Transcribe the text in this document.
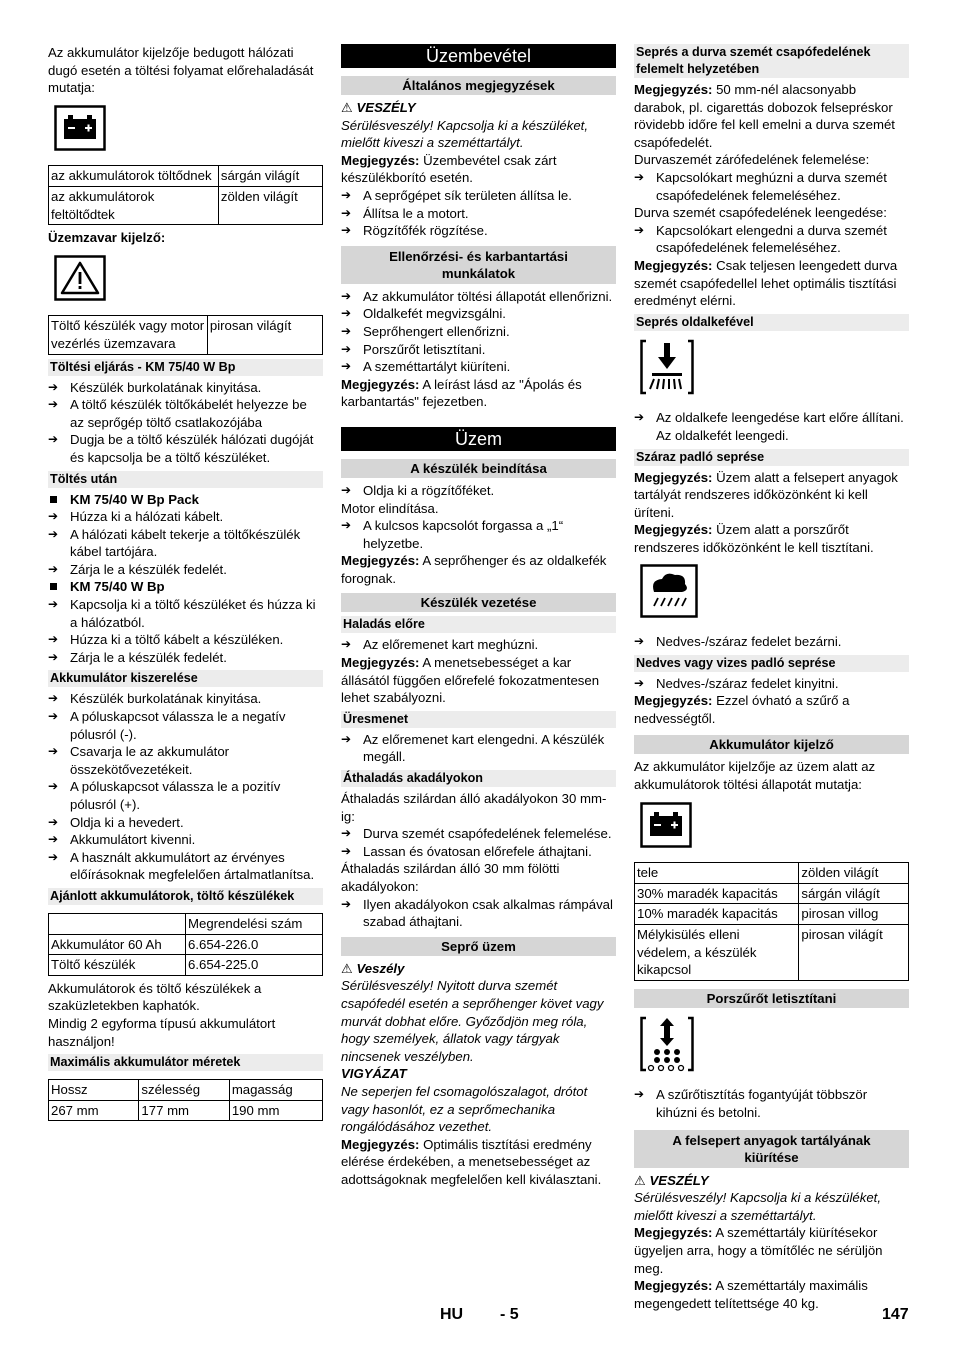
Az akkumulátor kijelzője bedugott hálózati dugó esetén a töltési folyamat előrehaladását mutatja:

az akkumulátorok töltődnek	sárgán világít
az akkumulátorok feltöltődtek	zölden világít

Üzemzavar kijelző:

Töltő készülék vagy motor vezérlés üzemzavara	pirosan világít
Töltési eljárás - KM 75/40 W Bp

➔ Készülék burkolatának kinyitása.

➔ A töltő készülék töltőkábelét helyezze be az seprőgép töltő csatlakozójába

➔ Dugja be a töltő készülék hálózati dugóját és kapcsolja be a töltő készüléket.

Töltés után

KM 75/40 W Bp Pack

➔ Húzza ki a hálózati kábelt.

➔ A hálózati kábelt tekerje a töltőkészülék kábel tartójára.

➔ Zárja le a készülék fedelét.

KM 75/40 W Bp

➔ Kapcsolja ki a töltő készüléket és húzza ki a hálózatból.

➔ Húzza ki a töltő kábelt a készüléken.

➔ Zárja le a készülék fedelét.

Akkumulátor kiszerelése

➔ Készülék burkolatának kinyitása.

➔ A póluskapcsot válassza le a negatív pólusról (-).

➔ Csavarja le az akkumulátor összekötővezetékeit.

➔ A póluskapcsot válassza le a pozitív pólusról (+).

➔ Oldja ki a hevedert.

➔ Akkumulátort kivenni.

➔ A használt akkumulátort az érvényes előírásoknak megfelelően ártalmatlanítsa.

Ajánlott akkumulátorok, töltő készülékek
	Megrendelési szám
Akkumulátor 60 Ah	6.654-226.0
Töltő készülék	6.654-225.0

Akkumulátorok és töltő készülékek a szaküzletekben kaphatók.

Mindig 2 egyforma típusú akkumulátort használjon!

Maximális akkumulátor méretek
Hossz	szélesség	magasság
267 mm	177 mm	190 mm
Üzembevétel
Általános megjegyzések

⚠ VESZÉLY

Sérülésveszély! Kapcsolja ki a készüléket, mielőtt kiveszi a szeméttartályt.

Megjegyzés: Üzembevétel csak zárt készülékborító esetén.

➔ A seprőgépet sík területen állítsa le.

➔ Állítsa le a motort.

➔ Rögzítőfék rögzítése.

Ellenőrzési- és karbantartási munkálatok

➔ Az akkumulátor töltési állapotát ellenőrizni.

➔ Oldalkefét megvizsgálni.

➔ Seprőhengert ellenőrizni.

➔ Porszűrőt letisztítani.

➔ A szeméttartályt kiüríteni.

Megjegyzés: A leírást lásd az "Ápolás és karbantartás" fejezetben.

Üzem
A készülék beindítása

➔ Oldja ki a rögzítőféket.

Motor elindítása.

➔ A kulcsos kapcsolót forgassa a „1“ helyzetbe.

Megjegyzés: A seprőhenger és az oldalkefék forognak.

Készülék vezetése
Haladás előre

➔ Az előremenet kart meghúzni.

Megjegyzés: A menetsebességet a kar állásától függően előrefelé fokozatmentesen lehet szabályozni.

Üresmenet

➔ Az előremenet kart elengedni. A készülék megáll.

Áthaladás akadályokon

Áthaladás szilárdan álló akadályokon 30 mm-ig:

➔ Durva szemét csapófedelének felemelése.

➔ Lassan és óvatosan előrefele áthajtani.

Áthaladás szilárdan álló 30 mm fölötti akadályokon:

➔ Ilyen akadályokon csak alkalmas rámpával szabad áthajtani.

Seprő üzem

⚠ Veszély

Sérülésveszély! Nyitott durva szemét csapófedél esetén a seprőhenger követ vagy murvát dobhat előre. Győződjön meg róla, hogy személyek, állatok vagy tárgyak nincsenek veszélyben.

VIGYÁZAT

Ne seperjen fel csomagolószalagot, drótot vagy hasonlót, ez a seprőmechanika rongálódásához vezethet.

Megjegyzés: Optimális tisztítási eredmény elérése érdekében, a menetsebességet az adottságoknak megfelelően kell kiválasztani.

Seprés a durva szemét csapófedelének felemelt helyzetében

Megjegyzés: 50 mm-nél alacsonyabb darabok, pl. cigarettás dobozok felsepréskor rövidebb időre fel kell emelni a durva szemét csapófedelét.

Durvaszemét zárófedelének felemelése:

➔ Kapcsolókart meghúzni a durva szemét csapófedelének felemeléséhez.

Durva szemét csapófedelének leengedése:

➔ Kapcsolókart elengedni a durva szemét csapófedelének felemeléséhez.

Megjegyzés: Csak teljesen leengedett durva szemét csapófedellel lehet optimális tisztítási eredményt elérni.

Seprés oldalkefével

➔ Az oldalkefe leengedése kart előre állítani. Az oldalkefét leengedi.

Száraz padló seprése

Megjegyzés: Üzem alatt a felsepert anyagok tartályát rendszeres időközönként ki kell üríteni.

Megjegyzés: Üzem alatt a porszűrőt rendszeres időközönként le kell tisztítani.

➔ Nedves-/száraz fedelet bezárni.

Nedves vagy vizes padló seprése

➔ Nedves-/száraz fedelet kinyitni.

Megjegyzés: Ezzel óvható a szűrő a nedvességtől.

Akkumulátor kijelző

Az akkumulátor kijelzője az üzem alatt az akkumulátorok töltési állapotát mutatja:

tele	zölden világít
30% maradék kapacitás	sárgán világít
10% maradék kapacitás	pirosan villog
Mélykisülés elleni védelem, a készülék kikapcsol	pirosan világít
Porszűrőt letisztítani

➔ A szűrőtisztítás fogantyúját többször kihúzni és betolni.

A felsepert anyagok tartályának kiürítése

⚠ VESZÉLY

Sérülésveszély! Kapcsolja ki a készüléket, mielőtt kiveszi a szeméttartályt.

Megjegyzés: A szeméttartály kiürítésekor ügyeljen arra, hogy a tömítőléc ne sérüljön meg.

Megjegyzés: A szeméttartály maximális megengedett telítettsége 40 kg.

HU - 5	147
